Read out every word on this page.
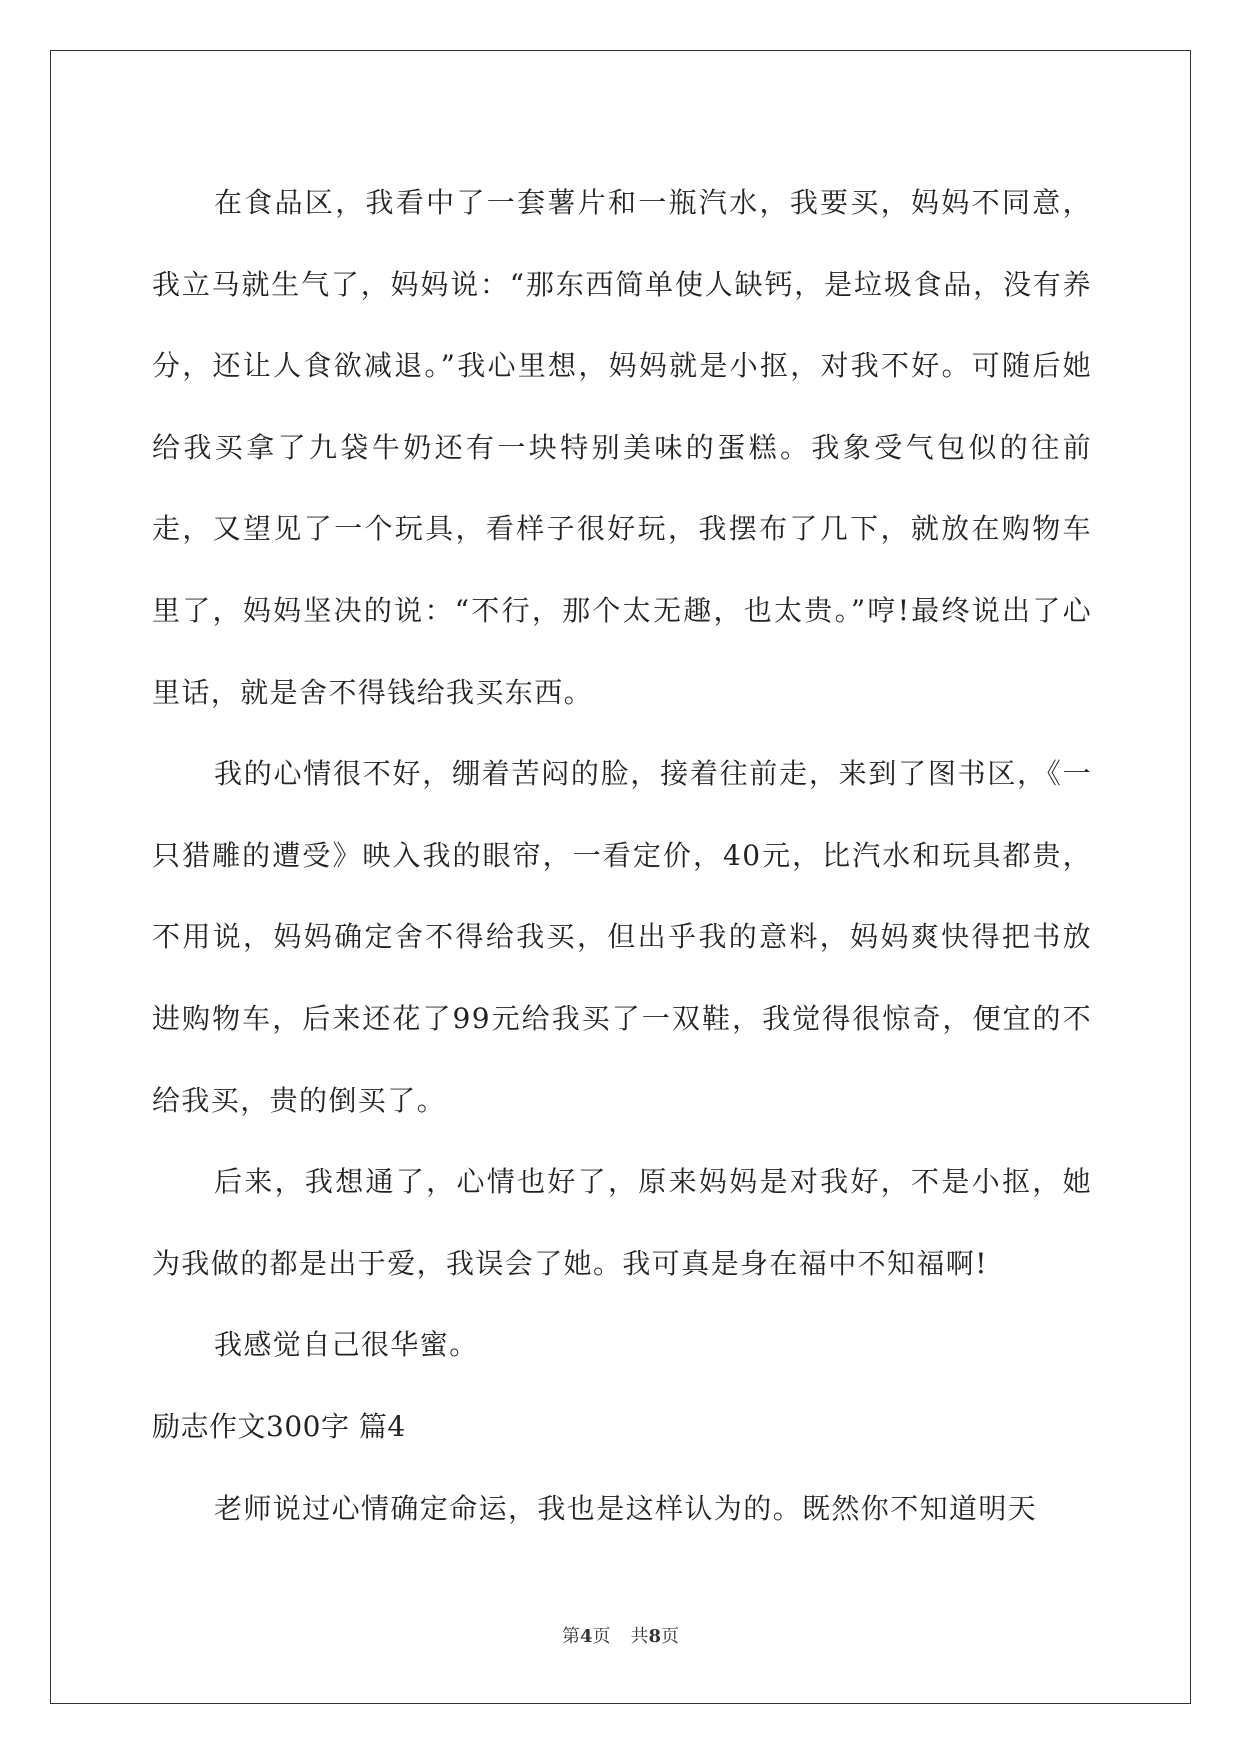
在食品区，我看中了一套薯片和一瓶汽水，我要买，妈妈不同意，我立马就生气了，妈妈说：“那东西简单使人缺钙，是垃圾食品，没有养分，还让人食欲减退。”我心里想，妈妈就是小抠，对我不好。可随后她给我买拿了九袋牛奶还有一块特别美味的蛋糕。我象受气包似的往前走，又望见了一个玩具，看样子很好玩，我摆布了几下，就放在购物车里了，妈妈坚决的说：“不行，那个太无趣，也太贵。”哼!最终说出了心里话，就是舍不得钱给我买东西。

我的心情很不好，绷着苦闷的脸，接着往前走，来到了图书区，《一只猎雕的遭受》映入我的眼帘，一看定价，40元，比汽水和玩具都贵，不用说，妈妈确定舍不得给我买，但出乎我的意料，妈妈爽快得把书放进购物车，后来还花了99元给我买了一双鞋，我觉得很惊奇，便宜的不给我买，贵的倒买了。

后来，我想通了，心情也好了，原来妈妈是对我好，不是小抠，她为我做的都是出于爱，我误会了她。我可真是身在福中不知福啊!

我感觉自己很华蜜。

励志作文300字 篇4

老师说过心情确定命运，我也是这样认为的。既然你不知道明天

第4页 共8页
